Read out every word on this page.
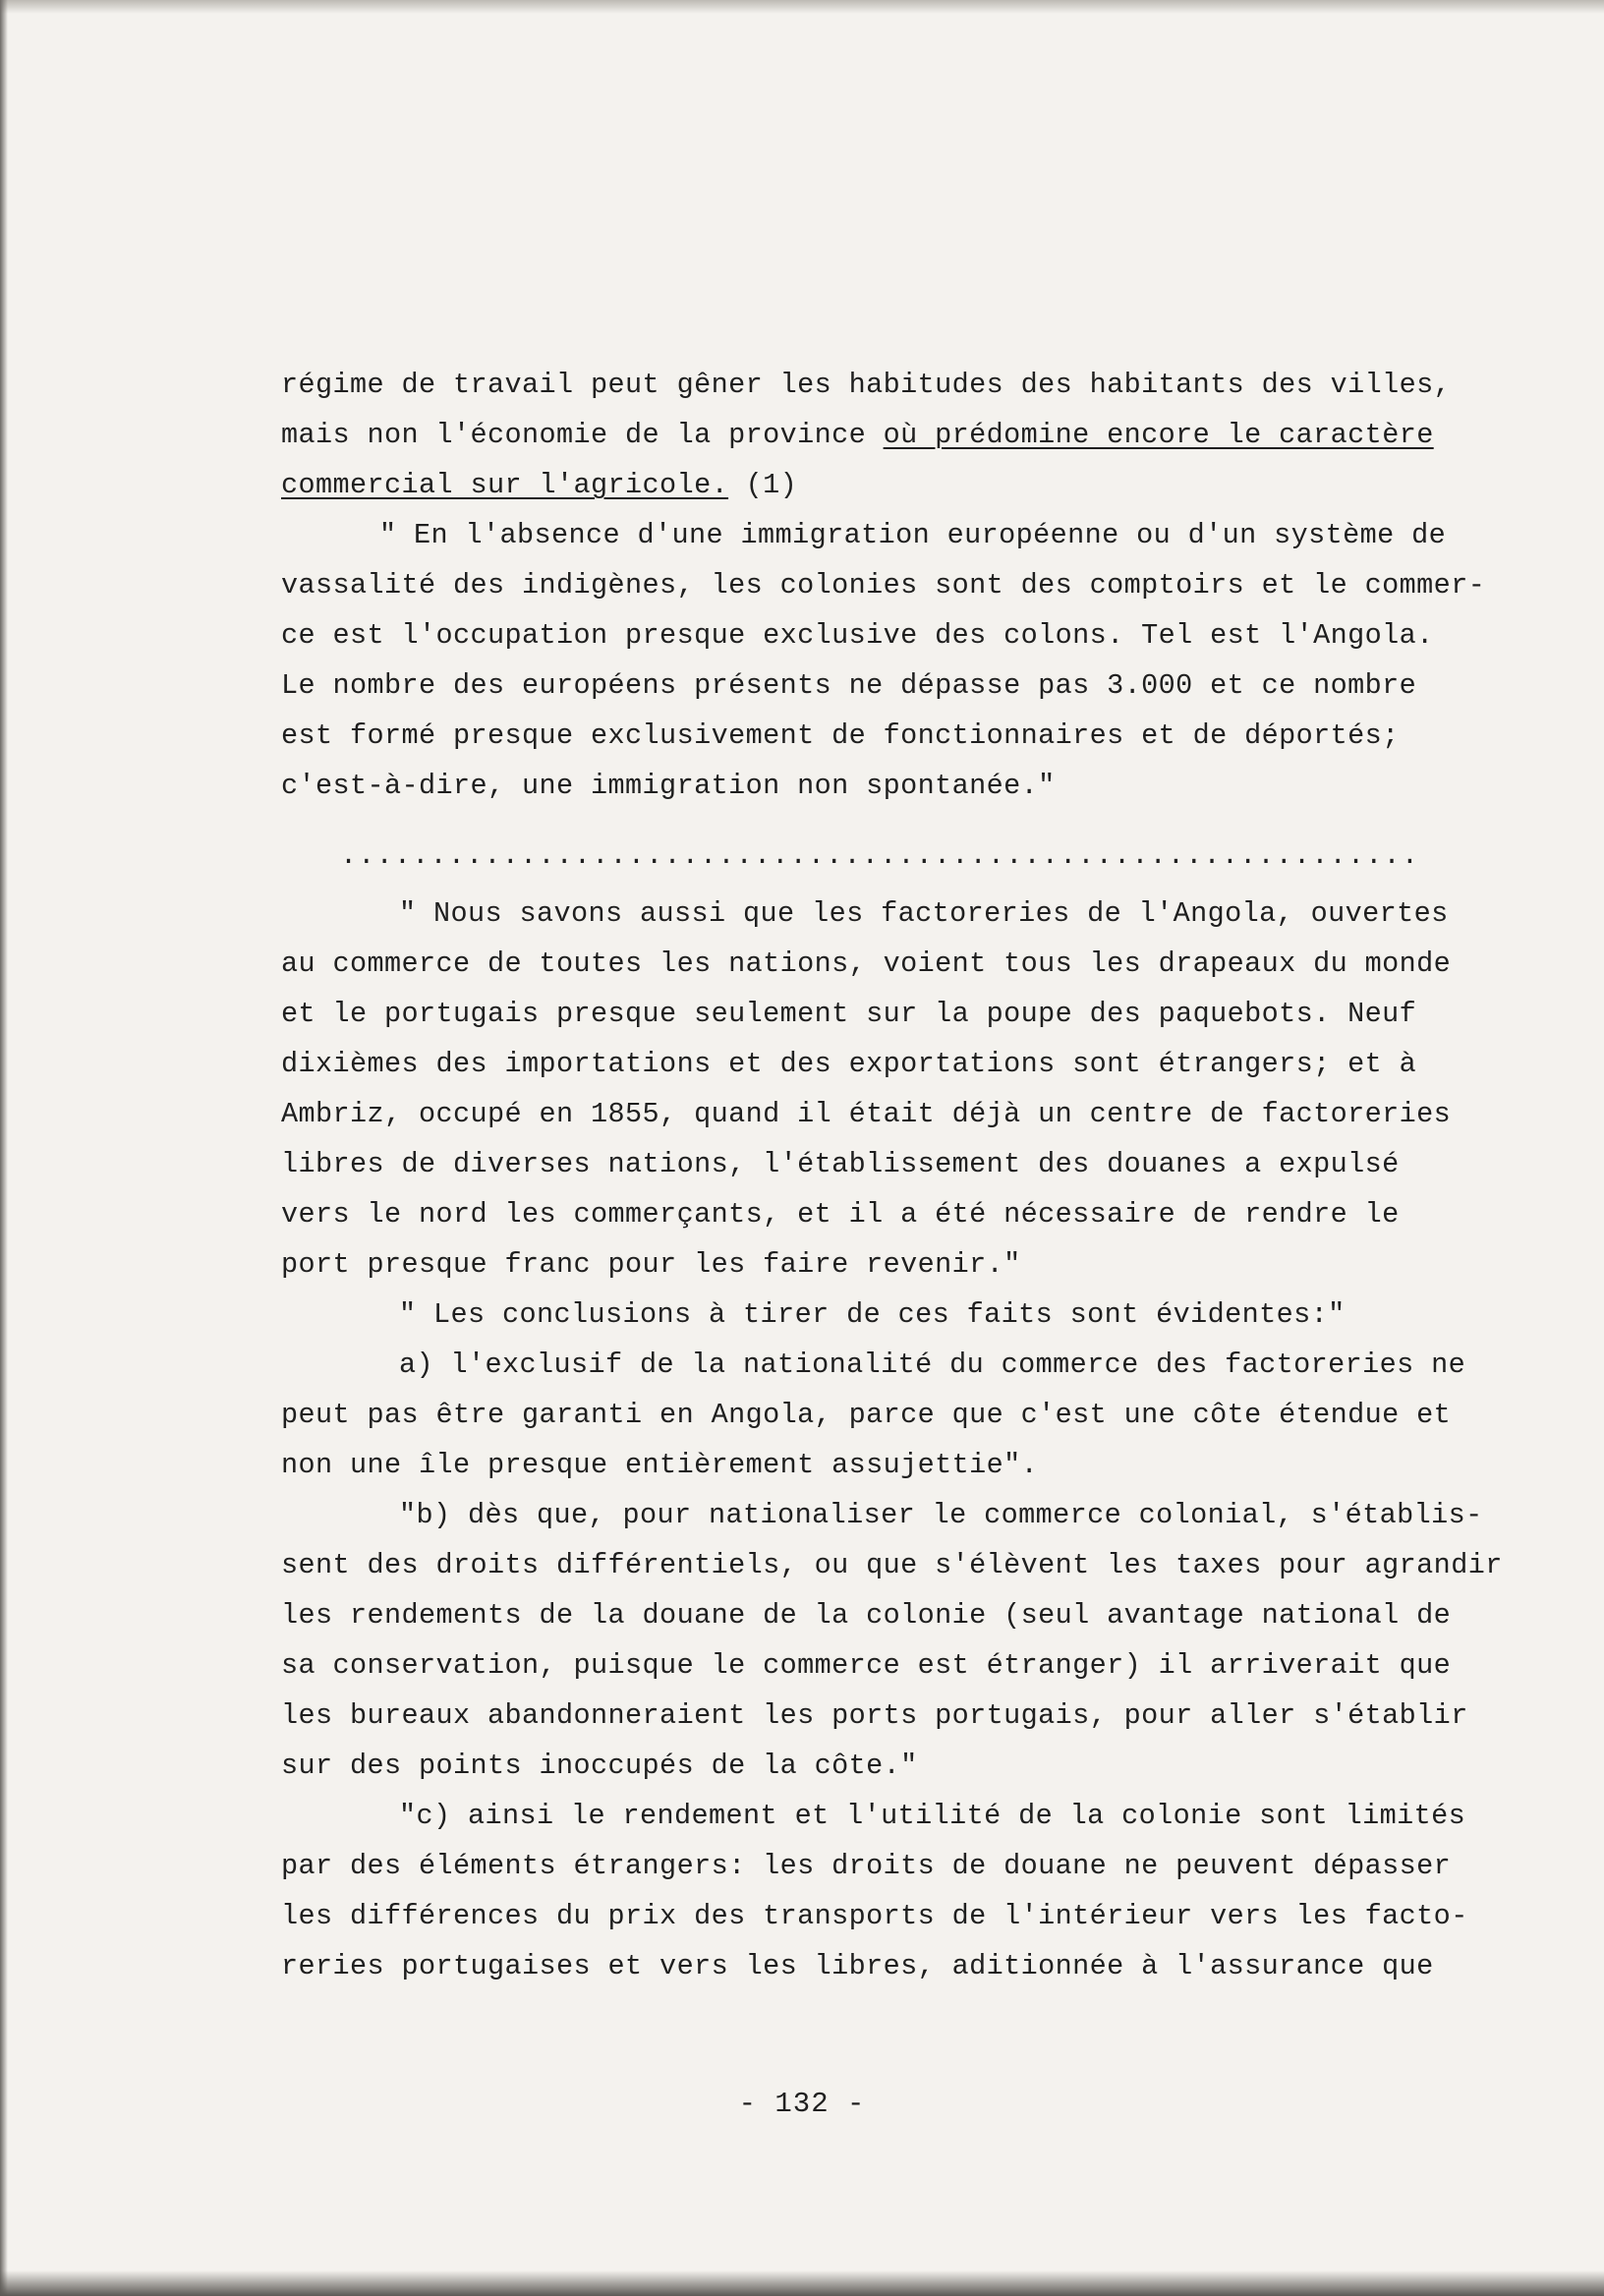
régime de travail peut gêner les habitudes des habitants des villes,
mais non l'économie de la province où prédomine encore le caractère
commercial sur l'agricole. (1)
" En l'absence d'une immigration européenne ou d'un système de
vassalité des indigènes, les colonies sont des comptoirs et le commer-
ce est l'occupation presque exclusive des colons. Tel est l'Angola.
Le nombre des européens présents ne dépasse pas 3.000 et ce nombre
est formé presque exclusivement de fonctionnaires et de déportés;
c'est-à-dire, une immigration non spontanée."
............................................................
" Nous savons aussi que les factoreries de l'Angola, ouvertes
au commerce de toutes les nations, voient tous les drapeaux du monde
et le portugais presque seulement sur la poupe des paquebots. Neuf
dixièmes des importations et des exportations sont étrangers; et à
Ambriz, occupé en 1855, quand il était déjà un centre de factoreries
libres de diverses nations, l'établissement des douanes a expulsé
vers le nord les commerçants, et il a été nécessaire de rendre le
port presque franc pour les faire revenir."
" Les conclusions à tirer de ces faits sont évidentes:"
a) l'exclusif de la nationalité du commerce des factoreries ne
peut pas être garanti en Angola, parce que c'est une côte étendue et
non une île presque entièrement assujettie".
"b) dès que, pour nationaliser le commerce colonial, s'établis-
sent des droits différentiels, ou que s'élèvent les taxes pour agrandir
les rendements de la douane de la colonie (seul avantage national de
sa conservation, puisque le commerce est étranger) il arriverait que
les bureaux abandonneraient les ports portugais, pour aller s'établir
sur des points inoccupés de la côte."
"c) ainsi le rendement et l'utilité de la colonie sont limités
par des éléments étrangers: les droits de douane ne peuvent dépasser
les différences du prix des transports de l'intérieur vers les facto-
reries portugaises et vers les libres, aditionnée à l'assurance que
- 132 -
